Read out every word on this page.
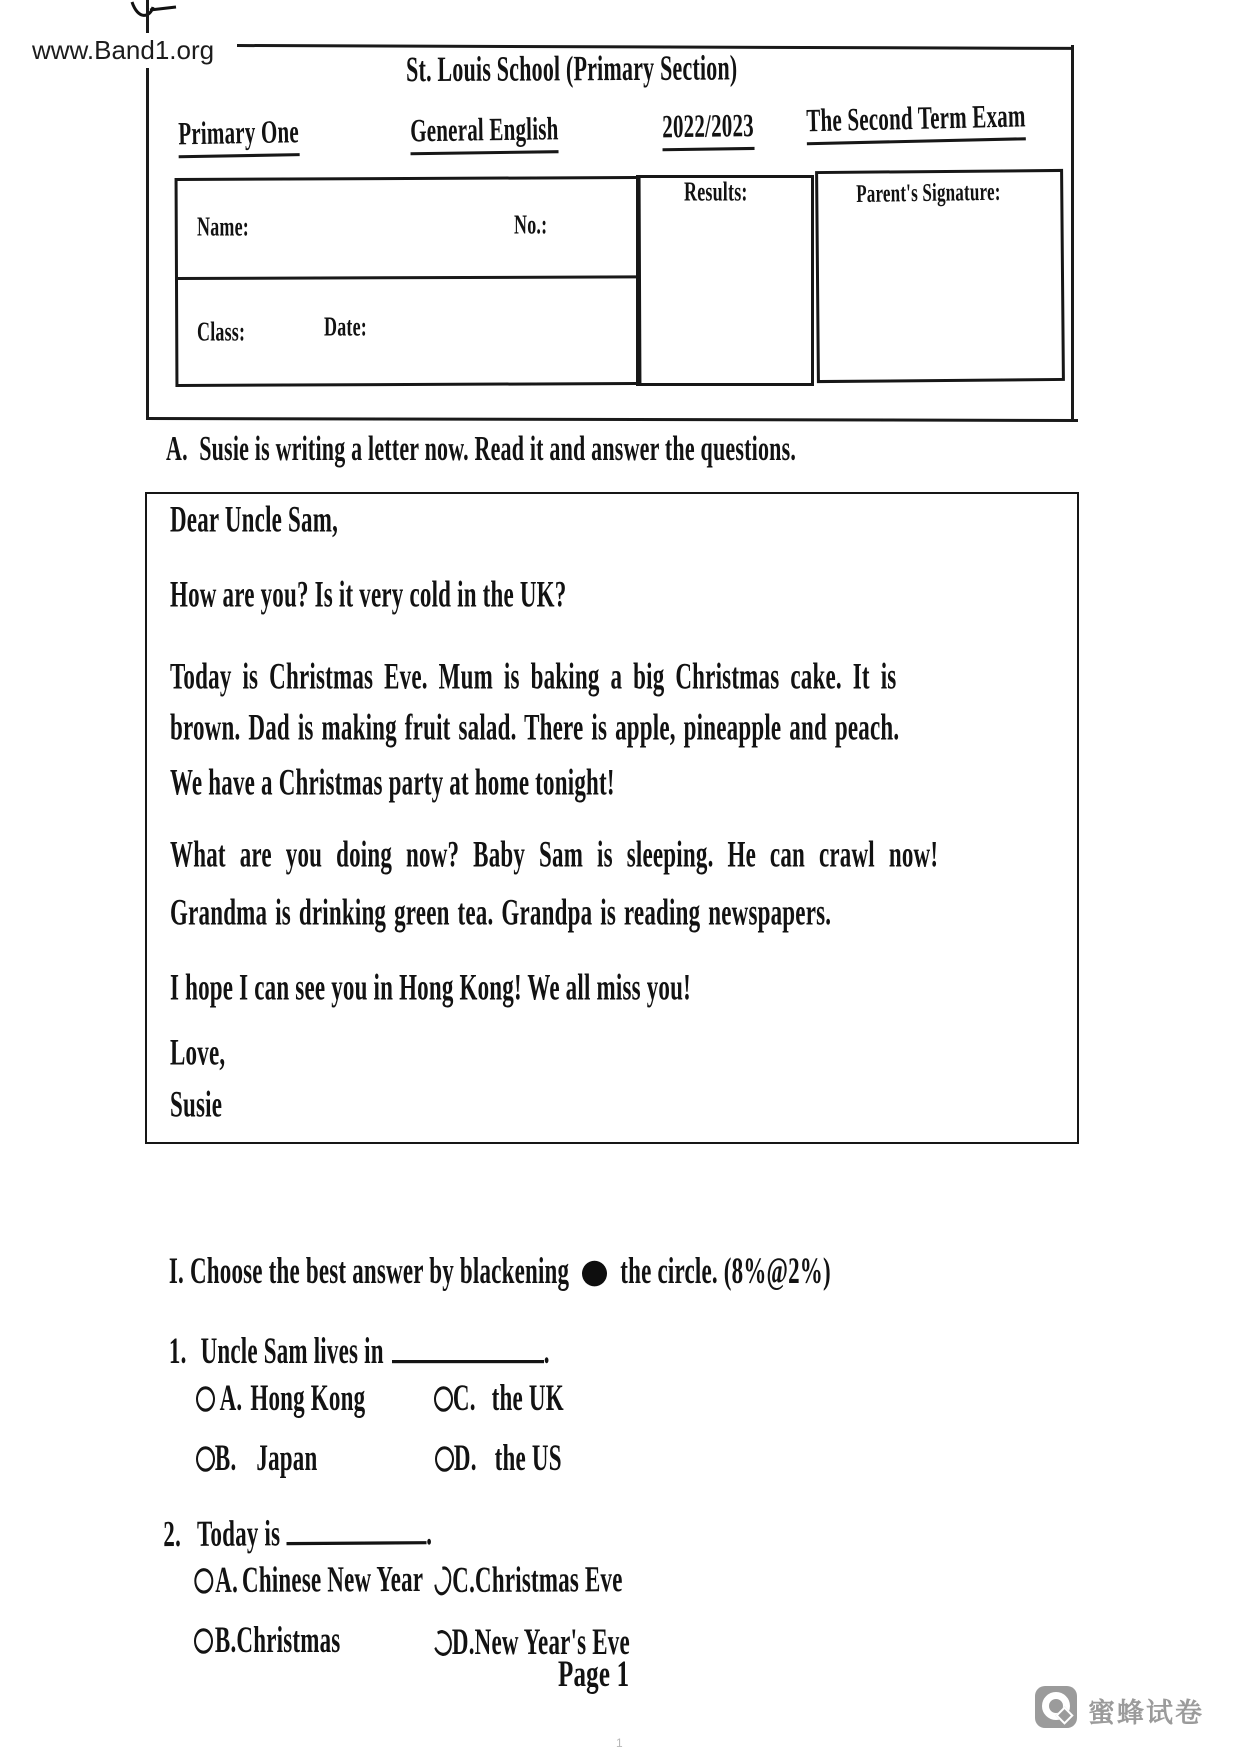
www.Band1.org	St. Louis School (Primary Section)
Primary One	General English	2022/2023 The Second Term Exam
Name:	No.:
Class:	Date:
Results:	Parent's Signature:
A.  Susie is writing a letter now. Read it and answer the questions.
Dear Uncle Sam,
How are you? Is it very cold in the UK?
Today is Christmas Eve. Mum is baking a big Christmas cake. It is
brown. Dad is making fruit salad. There is apple, pineapple and peach.
We have a Christmas party at home tonight!
What are you doing now? Baby Sam is sleeping. He can crawl now!
Grandma is drinking green tea. Grandpa is reading newspapers.
I hope I can see you in Hong Kong! We all miss you!
Love,
Susie

I. Choose the best answer by blackening the circle. (8%@2%)

1. Uncle Sam lives in	.

A. Hong Kong	C. the UK

B. Japan	D. the US

2. Today is	.

A. Chinese New Year	C.Christmas Eve

B.Christmas	D.New Year's Eve

Page 1
1
蜜蜂试卷
